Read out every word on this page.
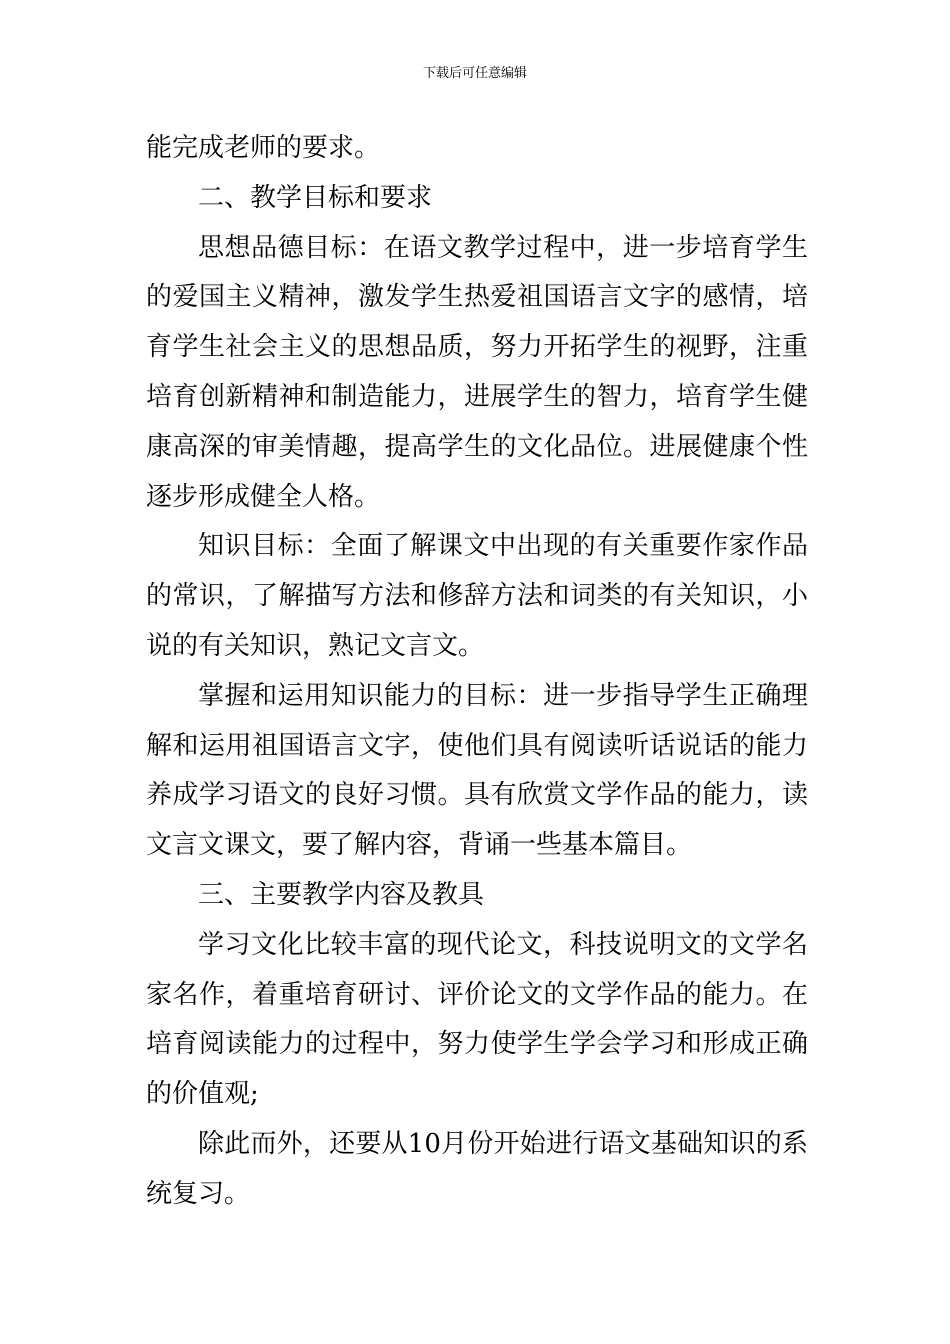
下载后可任意编辑

能完成老师的要求。

二、教学目标和要求

思想品德目标：在语文教学过程中，进一步培育学生的爱国主义精神，激发学生热爱祖国语言文字的感情，培育学生社会主义的思想品质，努力开拓学生的视野，注重培育创新精神和制造能力，进展学生的智力，培育学生健康高深的审美情趣，提高学生的文化品位。进展健康个性逐步形成健全人格。

知识目标：全面了解课文中出现的有关重要作家作品的常识，了解描写方法和修辞方法和词类的有关知识，小说的有关知识，熟记文言文。

掌握和运用知识能力的目标：进一步指导学生正确理解和运用祖国语言文字，使他们具有阅读听话说话的能力养成学习语文的良好习惯。具有欣赏文学作品的能力，读文言文课文，要了解内容，背诵一些基本篇目。

三、主要教学内容及教具

学习文化比较丰富的现代论文，科技说明文的文学名家名作，着重培育研讨、评价论文的文学作品的能力。在培育阅读能力的过程中，努力使学生学会学习和形成正确的价值观;

除此而外，还要从10月份开始进行语文基础知识的系统复习。
